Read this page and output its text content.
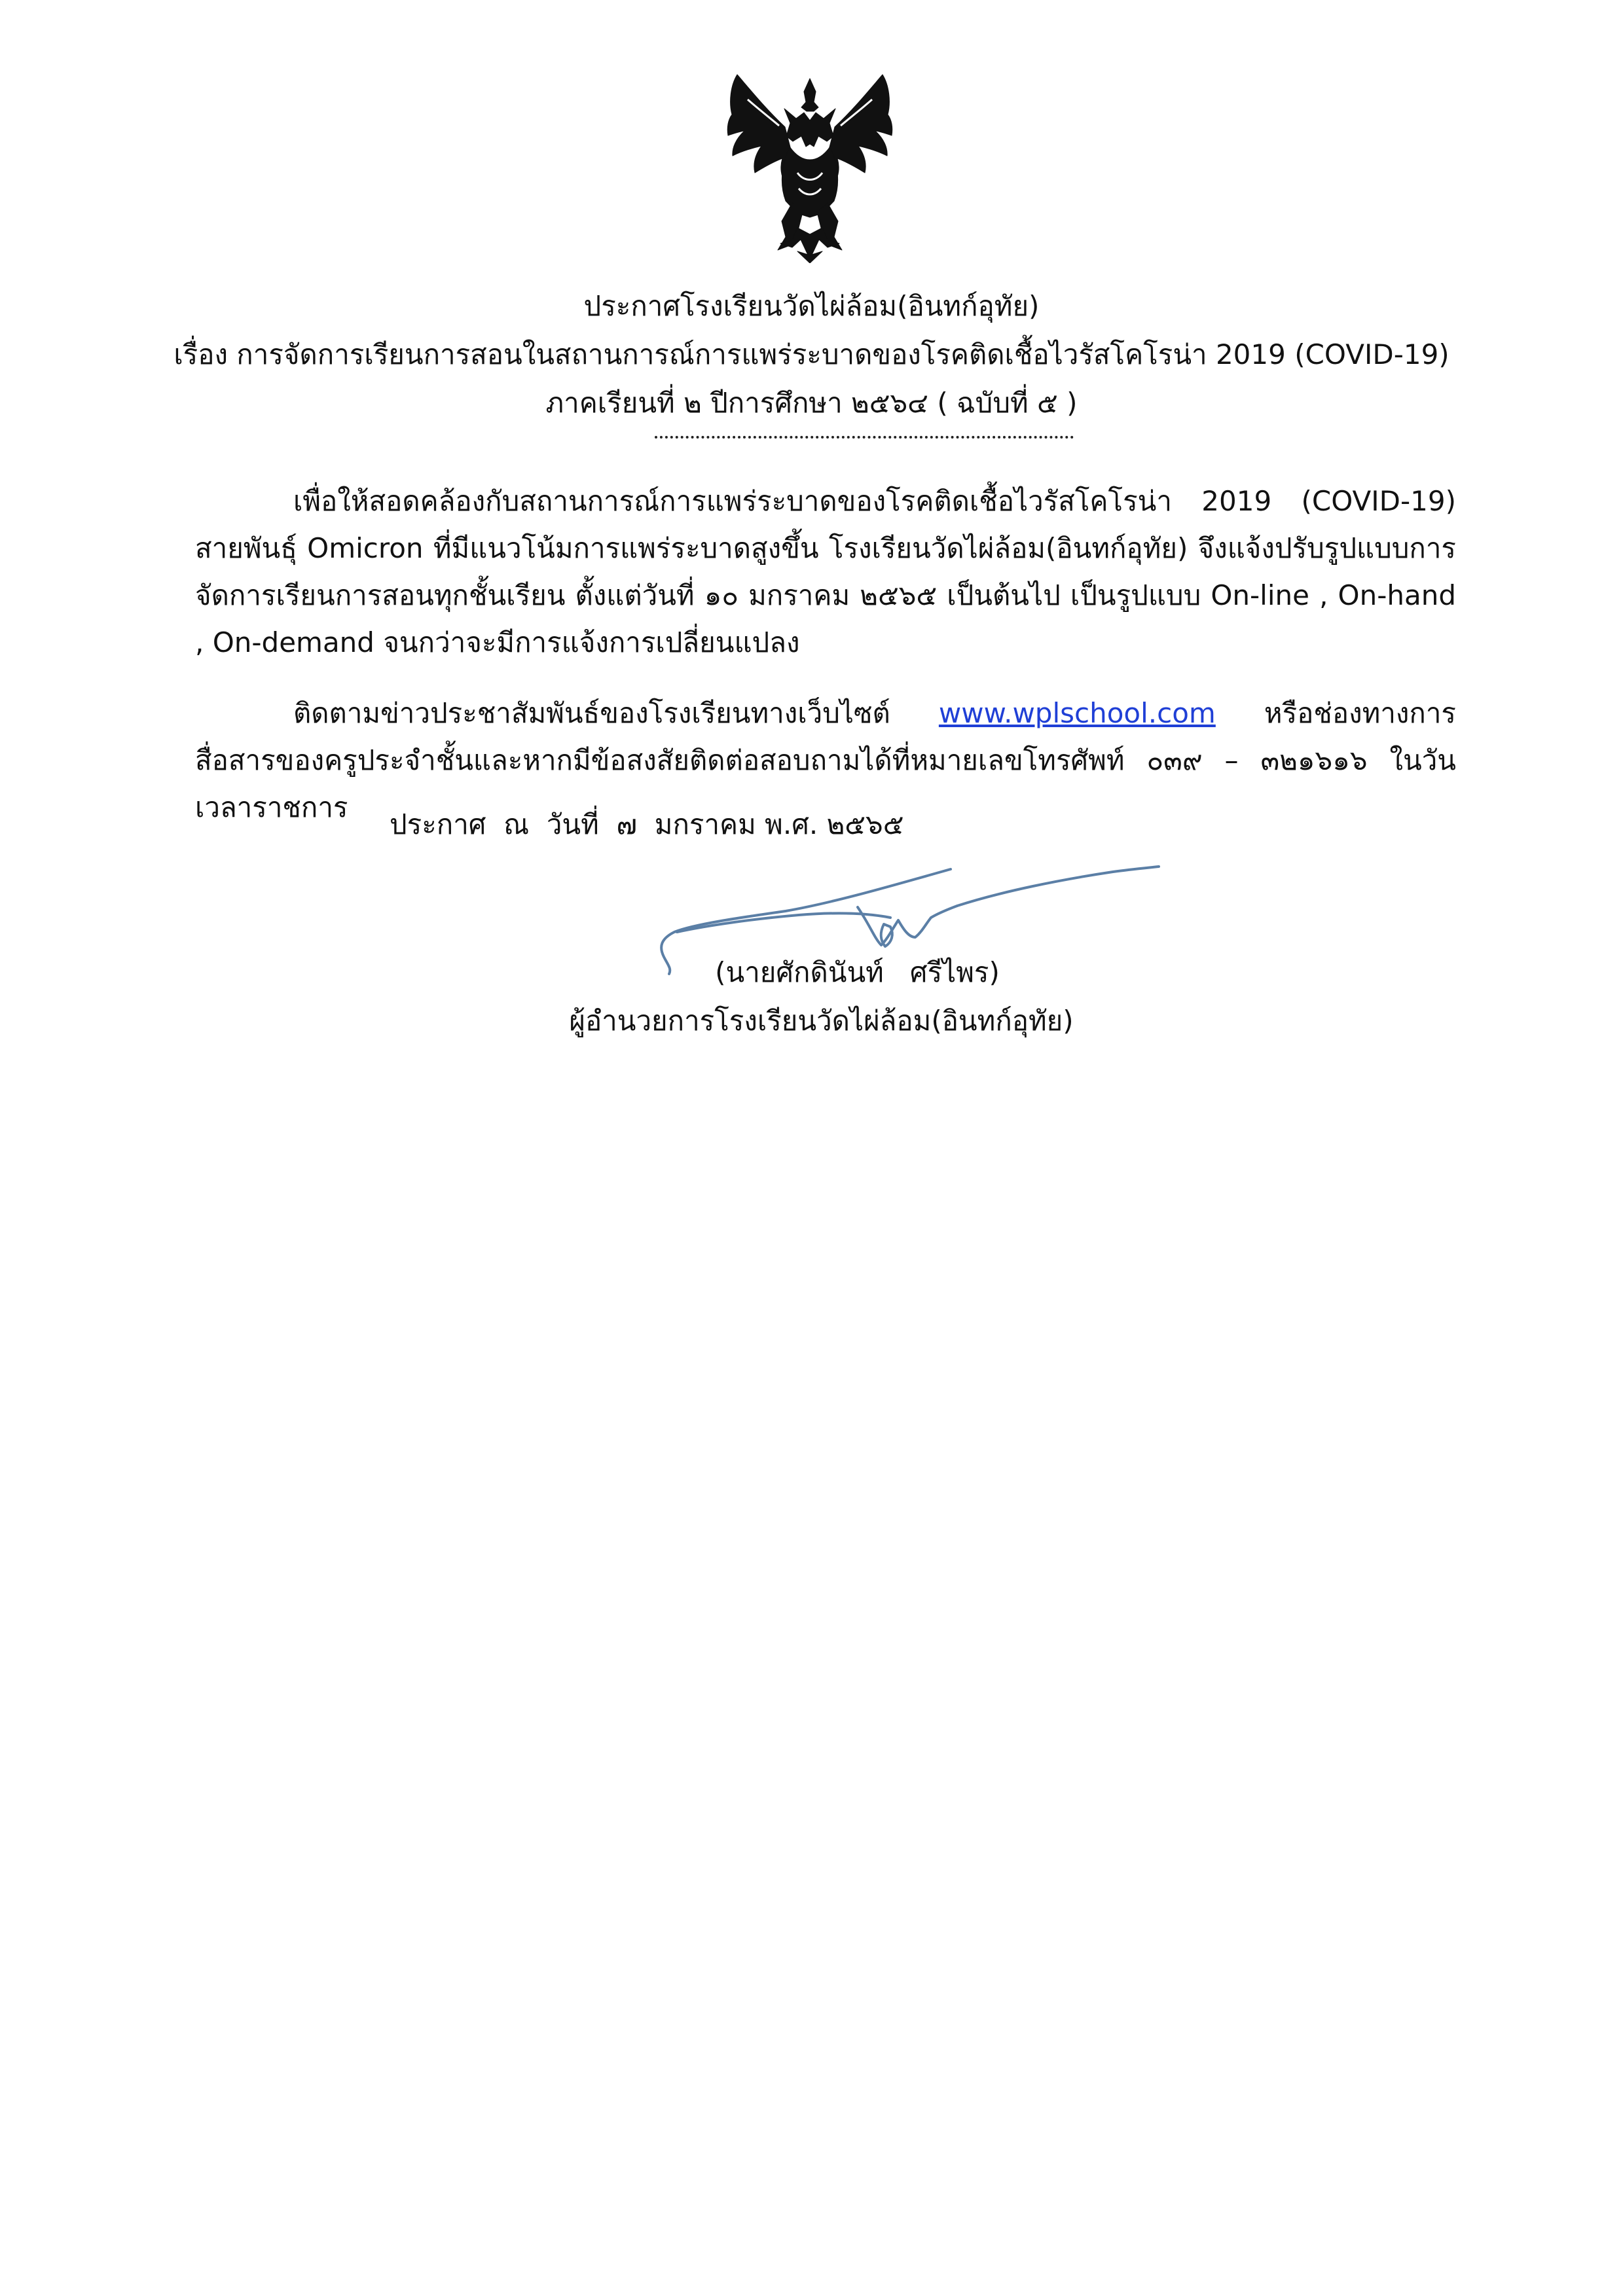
ประกาศโรงเรียนวัดไผ่ล้อม(อินทก์อุทัย)
เรื่อง การจัดการเรียนการสอนในสถานการณ์การแพร่ระบาดของโรคติดเชื้อไวรัสโคโรน่า 2019 (COVID-19)
ภาคเรียนที่ ๒ ปีการศึกษา ๒๕๖๔ ( ฉบับที่ ๕ )
เพื่อให้สอดคล้องกับสถานการณ์การแพร่ระบาดของโรคติดเชื้อไวรัสโคโรน่า 2019 (COVID-19) สายพันธุ์ Omicron ที่มีแนวโน้มการแพร่ระบาดสูงขึ้น โรงเรียนวัดไผ่ล้อม(อินทก์อุทัย) จึงแจ้งปรับรูปแบบการจัดการเรียนการสอนทุกชั้นเรียน ตั้งแต่วันที่ ๑๐ มกราคม ๒๕๖๕ เป็นต้นไป เป็นรูปแบบ On-line , On-hand , On-demand จนกว่าจะมีการแจ้งการเปลี่ยนแปลง
ติดตามข่าวประชาสัมพันธ์ของโรงเรียนทางเว็บไซต์ www.wplschool.com หรือช่องทางการสื่อสารของครูประจำชั้นและหากมีข้อสงสัยติดต่อสอบถามได้ที่หมายเลขโทรศัพท์ ๐๓๙ – ๓๒๑๖๑๖ ในวันเวลาราชการ
ประกาศ  ณ  วันที่  ๗  มกราคม พ.ศ. ๒๕๖๕
(นายศักดินันท์   ศรีไพร)
ผู้อำนวยการโรงเรียนวัดไผ่ล้อม(อินทก์อุทัย)
